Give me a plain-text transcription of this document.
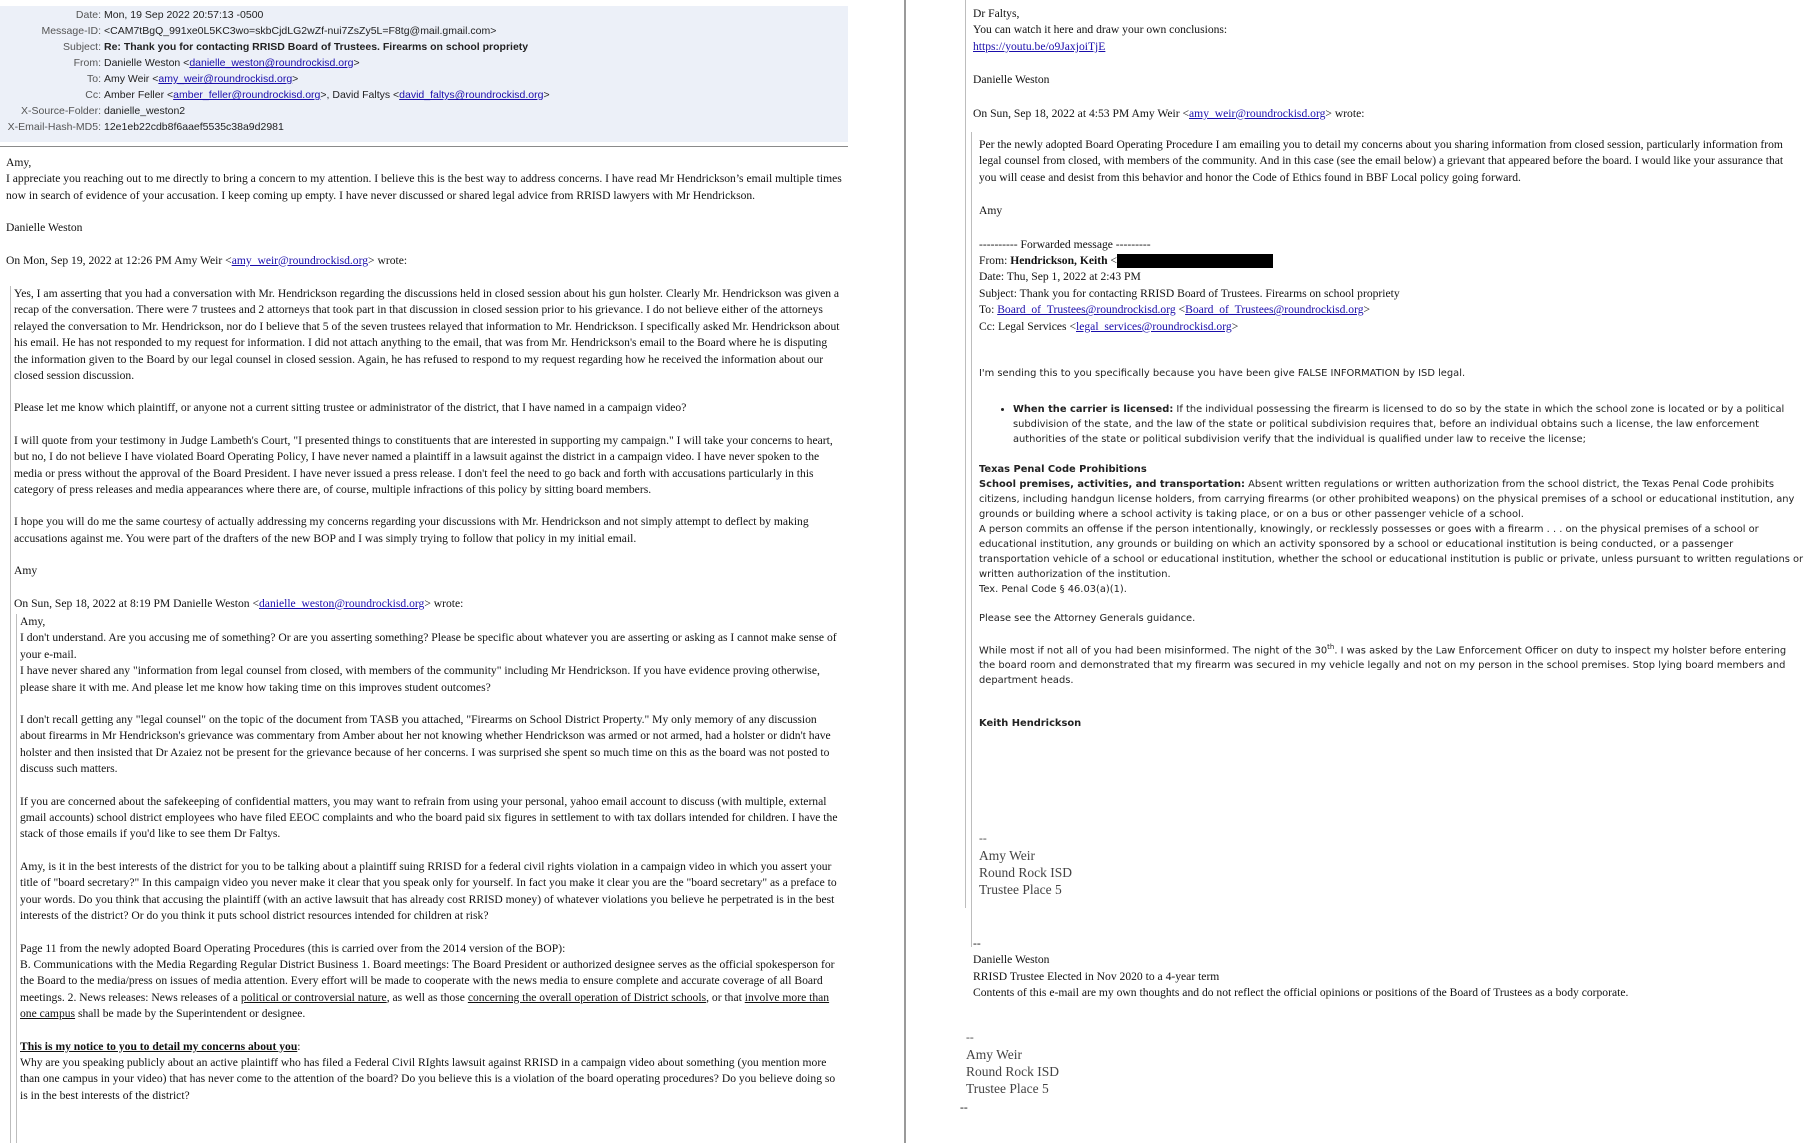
Date: Mon, 19 Sep 2022 20:57:13 -0500
Message-ID: <CAM7tBgQ_991xe0L5KC3wo=skbCjdLG2wZf-nui7ZsZy5L=F8tg@mail.gmail.com>
Subject: Re: Thank you for contacting RRISD Board of Trustees. Firearms on school propriety
From: Danielle Weston <danielle_weston@roundrockisd.org>
To: Amy Weir <amy_weir@roundrockisd.org>
Cc: Amber Feller <amber_feller@roundrockisd.org>, David Faltys <david_faltys@roundrockisd.org>
X-Source-Folder: danielle_weston2
X-Email-Hash-MD5: 12e1eb22cdb8f6aaef5535c38a9d2981

Amy,

I appreciate you reaching out to me directly to bring a concern to my attention. I believe this is the best way to address concerns. I have read Mr Hendrickson’s email multiple times now in search of evidence of your accusation. I keep coming up empty. I have never discussed or shared legal advice from RRISD lawyers with Mr Hendrickson.

Danielle Weston

On Mon, Sep 19, 2022 at 12:26 PM Amy Weir <amy_weir@roundrockisd.org> wrote:

Yes, I am asserting that you had a conversation with Mr. Hendrickson regarding the discussions held in closed session about his gun holster. Clearly Mr. Hendrickson was given a recap of the conversation. There were 7 trustees and 2 attorneys that took part in that discussion in closed session prior to his grievance. I do not believe either of the attorneys relayed the conversation to Mr. Hendrickson, nor do I believe that 5 of the seven trustees relayed that information to Mr. Hendrickson. I specifically asked Mr. Hendrickson about his email. He has not responded to my request for information. I did not attach anything to the email, that was from Mr. Hendrickson's email to the Board where he is disputing the information given to the Board by our legal counsel in closed session. Again, he has refused to respond to my request regarding how he received the information about our closed session discussion.

Please let me know which plaintiff, or anyone not a current sitting trustee or administrator of the district, that I have named in a campaign video?

I will quote from your testimony in Judge Lambeth's Court, "I presented things to constituents that are interested in supporting my campaign." I will take your concerns to heart, but no, I do not believe I have violated Board Operating Policy, I have never named a plaintiff in a lawsuit against the district in a campaign video. I have never spoken to the media or press without the approval of the Board President. I have never issued a press release. I don't feel the need to go back and forth with accusations particularly in this category of press releases and media appearances where there are, of course, multiple infractions of this policy by sitting board members.

I hope you will do me the same courtesy of actually addressing my concerns regarding your discussions with Mr. Hendrickson and not simply attempt to deflect by making accusations against me. You were part of the drafters of the new BOP and I was simply trying to follow that policy in my initial email.

Amy

On Sun, Sep 18, 2022 at 8:19 PM Danielle Weston <danielle_weston@roundrockisd.org> wrote:

Amy,

I don't understand. Are you accusing me of something? Or are you asserting something? Please be specific about whatever you are asserting or asking as I cannot make sense of your e-mail.

I have never shared any "information from legal counsel from closed, with members of the community" including Mr Hendrickson. If you have evidence proving otherwise, please share it with me. And please let me know how taking time on this improves student outcomes?

I don't recall getting any "legal counsel" on the topic of the document from TASB you attached, "Firearms on School District Property." My only memory of any discussion about firearms in Mr Hendrickson's grievance was commentary from Amber about her not knowing whether Hendrickson was armed or not armed, had a holster or didn't have holster and then insisted that Dr Azaiez not be present for the grievance because of her concerns. I was surprised she spent so much time on this as the board was not posted to discuss such matters.

If you are concerned about the safekeeping of confidential matters, you may want to refrain from using your personal, yahoo email account to discuss (with multiple, external gmail accounts) school district employees who have filed EEOC complaints and who the board paid six figures in settlement to with tax dollars intended for children. I have the stack of those emails if you'd like to see them Dr Faltys.

Amy, is it in the best interests of the district for you to be talking about a plaintiff suing RRISD for a federal civil rights violation in a campaign video in which you assert your title of "board secretary?" In this campaign video you never make it clear that you speak only for yourself. In fact you make it clear you are the "board secretary" as a preface to your words. Do you think that accusing the plaintiff (with an active lawsuit that has already cost RRISD money) of whatever violations you believe he perpetrated is in the best interests of the district? Or do you think it puts school district resources intended for children at risk?

Page 11 from the newly adopted Board Operating Procedures (this is carried over from the 2014 version of the BOP):

B. Communications with the Media Regarding Regular District Business 1. Board meetings: The Board President or authorized designee serves as the official spokesperson for the Board to the media/press on issues of media attention. Every effort will be made to cooperate with the news media to ensure complete and accurate coverage of all Board meetings. 2. News releases: News releases of a political or controversial nature, as well as those concerning the overall operation of District schools, or that involve more than one campus shall be made by the Superintendent or designee.

This is my notice to you to detail my concerns about you:

Why are you speaking publicly about an active plaintiff who has filed a Federal Civil RIghts lawsuit against RRISD in a campaign video about something (you mention more than one campus in your video) that has never come to the attention of the board? Do you believe this is a violation of the board operating procedures? Do you believe doing so is in the best interests of the district?

Dr Faltys,

You can watch it here and draw your own conclusions:

https://youtu.be/o9JaxjoiTjE

Danielle Weston

On Sun, Sep 18, 2022 at 4:53 PM Amy Weir <amy_weir@roundrockisd.org> wrote:

Per the newly adopted Board Operating Procedure I am emailing you to detail my concerns about you sharing information from closed session, particularly information from legal counsel from closed, with members of the community. And in this case (see the email below) a grievant that appeared before the board. I would like your assurance that you will cease and desist from this behavior and honor the Code of Ethics found in BBF Local policy going forward.

Amy

---------- Forwarded message ---------

From: Hendrickson, Keith <

Date: Thu, Sep 1, 2022 at 2:43 PM

Subject: Thank you for contacting RRISD Board of Trustees. Firearms on school propriety

To: Board_of_Trustees@roundrockisd.org <Board_of_Trustees@roundrockisd.org>

Cc: Legal Services <legal_services@roundrockisd.org>

I'm sending this to you specifically because you have been give FALSE INFORMATION by ISD legal.

• When the carrier is licensed: If the individual possessing the firearm is licensed to do so by the state in which the school zone is located or by a political subdivision of the state, and the law of the state or political subdivision requires that, before an individual obtains such a license, the law enforcement authorities of the state or political subdivision verify that the individual is qualified under law to receive the license;

Texas Penal Code Prohibitions

School premises, activities, and transportation: Absent written regulations or written authorization from the school district, the Texas Penal Code prohibits citizens, including handgun license holders, from carrying firearms (or other prohibited weapons) on the physical premises of a school or educational institution, any grounds or building where a school activity is taking place, or on a bus or other passenger vehicle of a school.

A person commits an offense if the person intentionally, knowingly, or recklessly possesses or goes with a firearm . . . on the physical premises of a school or educational institution, any grounds or building on which an activity sponsored by a school or educational institution is being conducted, or a passenger transportation vehicle of a school or educational institution, whether the school or educational institution is public or private, unless pursuant to written regulations or written authorization of the institution.

Tex. Penal Code § 46.03(a)(1).

Please see the Attorney Generals guidance.

While most if not all of you had been misinformed. The night of the 30th. I was asked by the Law Enforcement Officer on duty to inspect my holster before entering the board room and demonstrated that my firearm was secured in my vehicle legally and not on my person in the school premises. Stop lying board members and department heads.

Keith Hendrickson

--

Amy Weir

Round Rock ISD

Trustee Place 5

--

Danielle Weston

RRISD Trustee Elected in Nov 2020 to a 4-year term

Contents of this e-mail are my own thoughts and do not reflect the official opinions or positions of the Board of Trustees as a body corporate.

--

Amy Weir

Round Rock ISD

Trustee Place 5

--
